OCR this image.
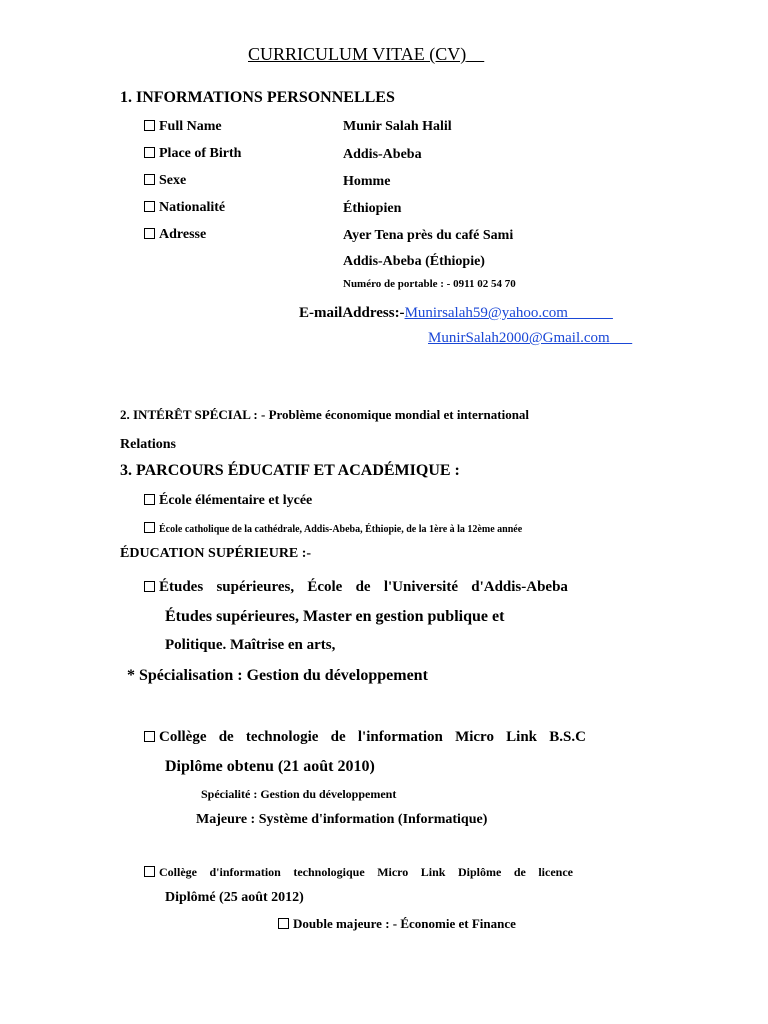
CURRICULUM VITAE (CV)
1. INFORMATIONS PERSONNELLES
Full Name	Munir Salah Halil
Place of Birth	Addis-Abeba
Sexe	Homme
Nationalité	Éthiopien
Adresse	Ayer Tena près du café Sami
Addis-Abeba (Éthiopie)
Numéro de portable : - 0911 02 54 70
E-mailAddress:-Munirsalah59@yahoo.com
MunirSalah2000@Gmail.com
2. INTÉRÊT SPÉCIAL : - Problème économique mondial et international
Relations
3. PARCOURS ÉDUCATIF ET ACADÉMIQUE :
École élémentaire et lycée
École catholique de la cathédrale, Addis-Abeba, Éthiopie, de la 1ère à la 12ème année
ÉDUCATION SUPÉRIEURE :-
Études supérieures, École de l'Université d'Addis-Abeba
Études supérieures, Master en gestion publique et
Politique. Maîtrise en arts,
* Spécialisation : Gestion du développement
Collège de technologie de l'information Micro Link B.S.C
Diplôme obtenu (21 août 2010)
Spécialité : Gestion du développement
Majeure : Système d'information (Informatique)
Collège d'information technologique Micro Link Diplôme de licence
Diplômé (25 août 2012)
Double majeure : - Économie et Finance
